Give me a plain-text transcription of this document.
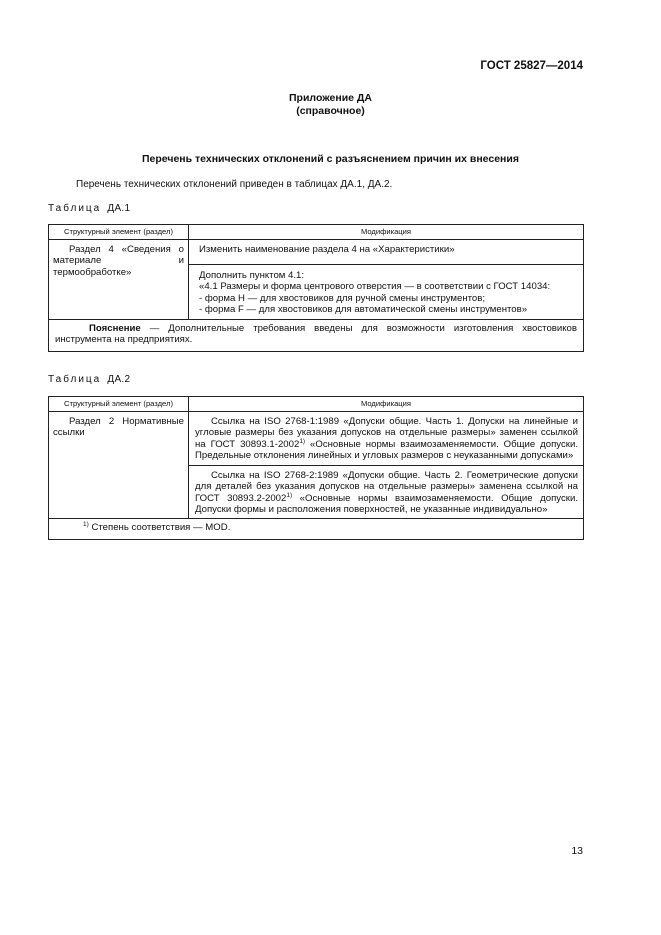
ГОСТ 25827—2014
Приложение ДА
(справочное)
Перечень технических отклонений с разъяснением причин их внесения
Перечень технических отклонений приведен в таблицах ДА.1, ДА.2.
Таблица ДА.1
Структурный элемент (раздел)	Модификация
Раздел 4 «Сведения о материале и термообработке»	Изменить наименование раздела 4 на «Характеристики»

	Дополнить пунктом 4.1:
«4.1 Размеры и форма центрового отверстия — в соответствии с ГОСТ 14034:
- форма Н — для хвостовиков для ручной смены инструментов;
- форма F — для хвостовиков для автоматической смены инструментов»

Пояснение — Дополнительные требования введены для возможности изготовления хвостовиков инструмента на предприятиях.	
Таблица ДА.2
Структурный элемент (раздел)	Модификация
Раздел 2 Нормативные ссылки	Ссылка на ISO 2768-1:1989 «Допуски общие. Часть 1. Допуски на линейные и угловые размеры без указания допусков на отдельные размеры» заменен ссылкой на ГОСТ 30893.1-2002$^{1)}$ «Основные нормы взаимозаменяемости. Общие допуски. Предельные отклонения линейных и угловых размеров с неуказанными допусками»
	Ссылка на ISO 2768-2:1989 «Допуски общие. Часть 2. Геометрические допуски для деталей без указания допусков на отдельные размеры» заменена ссылкой на ГОСТ 30893.2-2002$^{1)}$ «Основные нормы взаимозаменяемости. Общие допуски. Допуски формы и расположения поверхностей, не указанные индивидуально»
$^{1)}$ Степень соответствия — MOD.	
13
